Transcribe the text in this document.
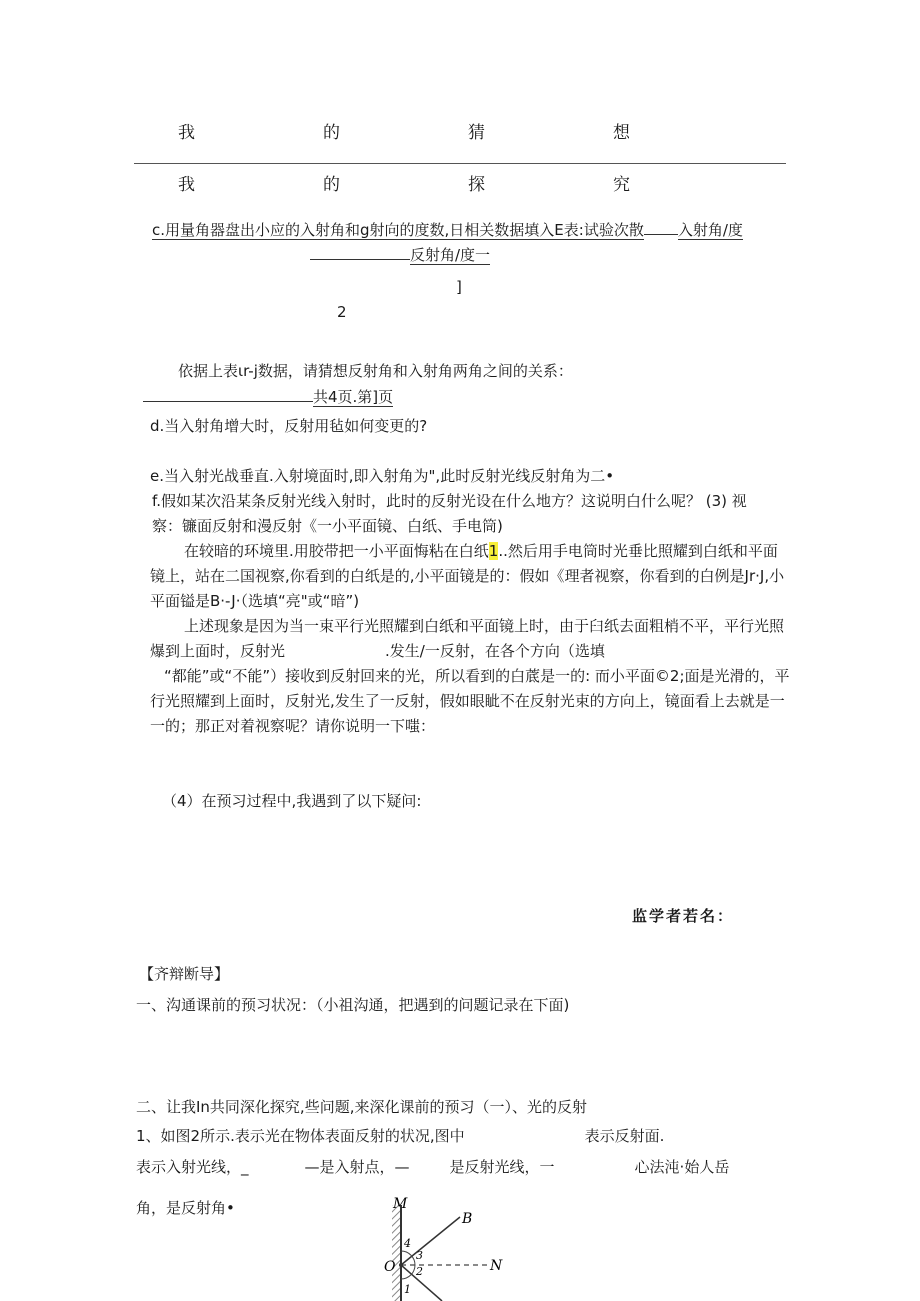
我	的	猜	想
我	的	探	究
c.用量角器盘出小应的入射角和g射向的度数,日相关数据填入E表:试验次散 入射角/度
反射角/度一
]
2
依据上表ιr-j数据，请猜想反射角和入射角两角之间的关系：
共4页.第]页
d.当入射角增大时，反射用毡如何变更的?
e.当入射光战垂直.入射境面时,即入射角为",此时反射光线反射角为二•
f.假如某次沿某条反射光线入射时，此时的反射光设在什么地方？这说明白什么呢？ (3) 视
察：镰面反射和漫反射《一小平面镜、白纸、手电筒)
在较暗的环境里.用胶带把一小平面悔粘在白纸1..然后用手电筒时光垂比照耀到白纸和平面镜上，站在二国视察,你看到的白纸是的,小平面镜是的：假如《理者视察，你看到的白例是Jr·J,小平面镒是B·-J·（选填“亮"或“暗”)
上述现象是因为当一束平行光照耀到白纸和平面镜上时，由于臼纸去面粗梢不平，平行光照爆到上面时，反射光	.发生/一反射，在各个方向（选填
“都能”或“不能”）接收到反射回来的光，所以看到的白菧是一的: 而小平面©2;面是光滑的，平行光照耀到上面时，反射光,发生了一反射，假如眼眦不在反射光束的方向上，镜面看上去就是一一的；那正对着视察呢？请你说明一下嗤：
（4）在预习过程中,我遇到了以下疑问:
监学者若名：
【齐辩断导】
一、沟通课前的预习状况：（小祖沟通，把遇到的问题记录在下面)
二、让我In共同深化探究,些问题,来深化课前的预习（一）、光的反射
1、如图2所示.表示光在物体表面反射的状况,图中	表示反射面.
表示入射光线，_	—是入射点，—	是反射光线，一	心法沌·始人岳
角，是反射角•	M
B
O	N
4
3
2
1
